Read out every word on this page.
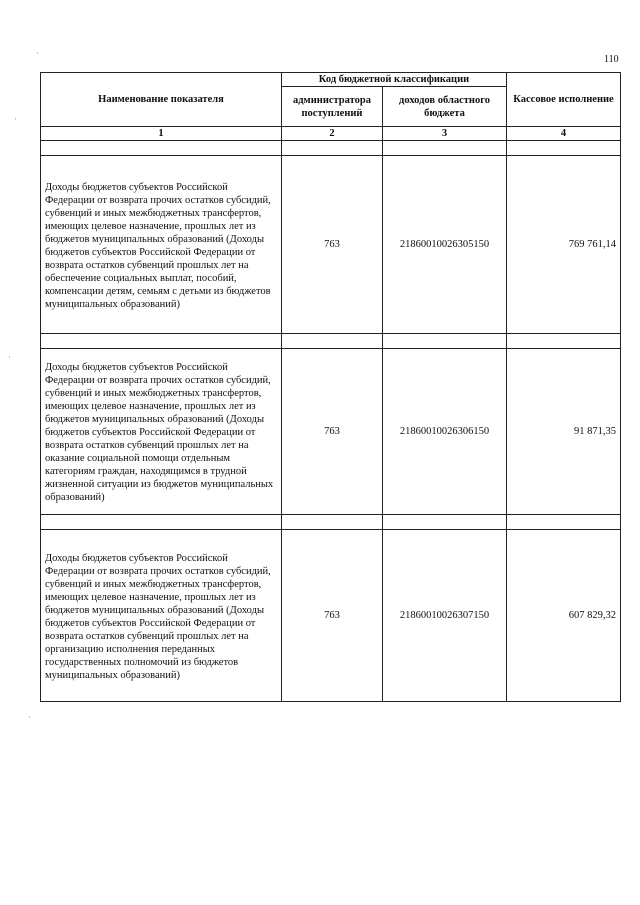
110
·
·
·
·
Наименование показателя	Код бюджетной классификации		Кассовое исполнение
	администратора поступлений	доходов областного бюджета	
1	2	3	4

Доходы бюджетов субъектов Российской Федерации от возврата прочих остатков субсидий, субвенций и иных межбюджетных трансфертов, имеющих целевое назначение, прошлых лет из бюджетов муниципальных образований (Доходы бюджетов субъектов Российской Федерации от возврата остатков субвенций прошлых лет на обеспечение социальных выплат, пособий, компенсации детям, семьям с детьми из бюджетов муниципальных образований)	763	21860010026305150	769 761,14

Доходы бюджетов субъектов Российской Федерации от возврата прочих остатков субсидий, субвенций и иных межбюджетных трансфертов, имеющих целевое назначение, прошлых лет из бюджетов муниципальных образований (Доходы бюджетов субъектов Российской Федерации от возврата остатков субвенций прошлых лет на оказание социальной помощи отдельным категориям граждан, находящимся в трудной жизненной ситуации из бюджетов муниципальных образований)	763	21860010026306150	91 871,35

Доходы бюджетов субъектов Российской Федерации от возврата прочих остатков субсидий, субвенций и иных межбюджетных трансфертов, имеющих целевое назначение, прошлых лет из бюджетов муниципальных образований (Доходы бюджетов субъектов Российской Федерации от возврата остатков субвенций прошлых лет на организацию исполнения переданных государственных полномочий из бюджетов муниципальных образований)	763	21860010026307150	607 829,32
